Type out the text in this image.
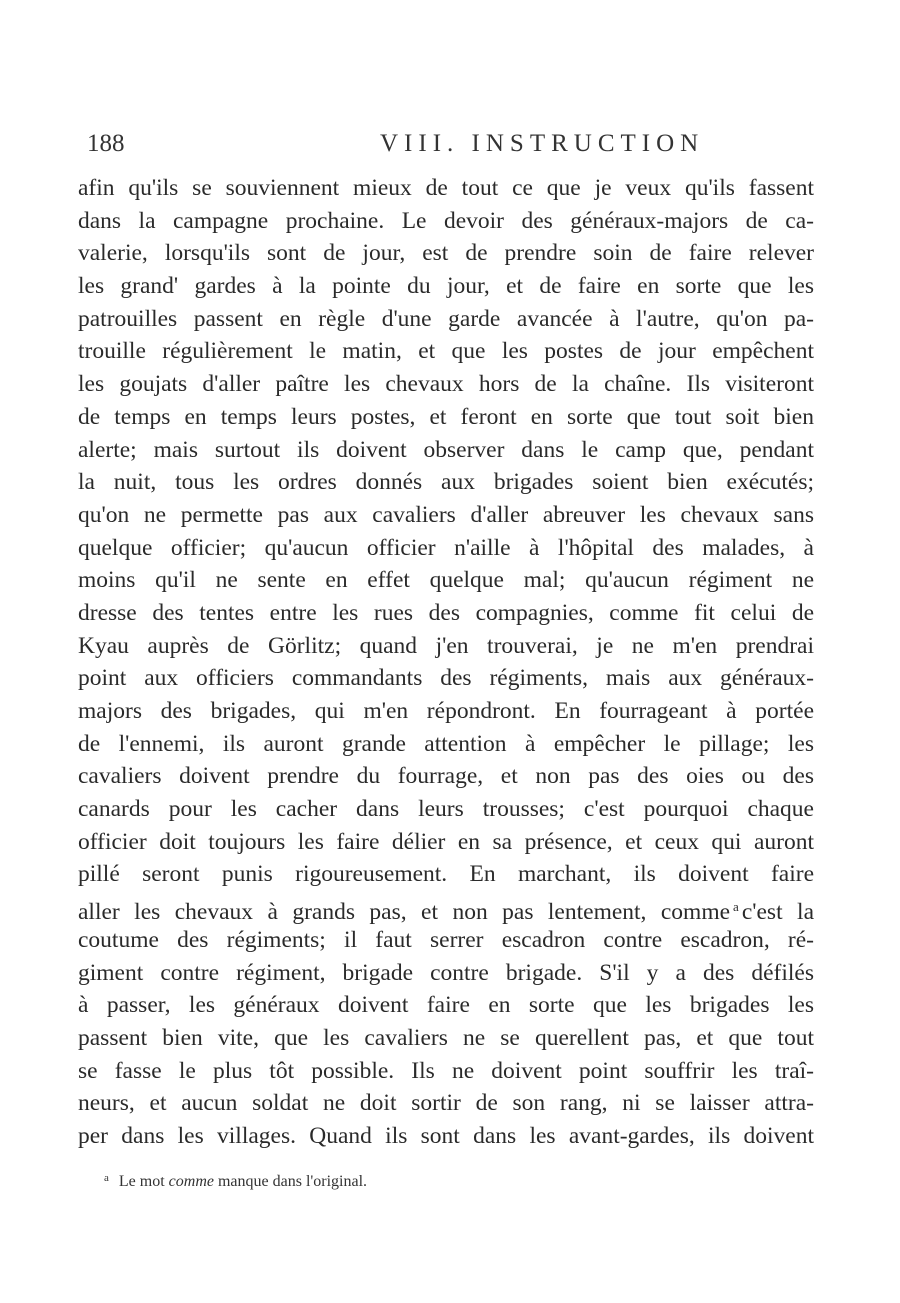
188	VIII. INSTRUCTION
afin qu'ils se souviennent mieux de tout ce que je veux qu'ils fassent
dans la campagne prochaine. Le devoir des généraux-majors de ca-
valerie, lorsqu'ils sont de jour, est de prendre soin de faire relever
les grand' gardes à la pointe du jour, et de faire en sorte que les
patrouilles passent en règle d'une garde avancée à l'autre, qu'on pa-
trouille régulièrement le matin, et que les postes de jour empêchent
les goujats d'aller paître les chevaux hors de la chaîne. Ils visiteront
de temps en temps leurs postes, et feront en sorte que tout soit bien
alerte; mais surtout ils doivent observer dans le camp que, pendant
la nuit, tous les ordres donnés aux brigades soient bien exécutés;
qu'on ne permette pas aux cavaliers d'aller abreuver les chevaux sans
quelque officier; qu'aucun officier n'aille à l'hôpital des malades, à
moins qu'il ne sente en effet quelque mal; qu'aucun régiment ne
dresse des tentes entre les rues des compagnies, comme fit celui de
Kyau auprès de Görlitz; quand j'en trouverai, je ne m'en prendrai
point aux officiers commandants des régiments, mais aux généraux-
majors des brigades, qui m'en répondront. En fourrageant à portée
de l'ennemi, ils auront grande attention à empêcher le pillage; les
cavaliers doivent prendre du fourrage, et non pas des oies ou des
canards pour les cacher dans leurs trousses; c'est pourquoi chaque
officier doit toujours les faire délier en sa présence, et ceux qui auront
pillé seront punis rigoureusement. En marchant, ils doivent faire
aller les chevaux à grands pas, et non pas lentement, comme $^a$ c'est la
coutume des régiments; il faut serrer escadron contre escadron, ré-
giment contre régiment, brigade contre brigade. S'il y a des défilés
à passer, les généraux doivent faire en sorte que les brigades les
passent bien vite, que les cavaliers ne se querellent pas, et que tout
se fasse le plus tôt possible. Ils ne doivent point souffrir les traî-
neurs, et aucun soldat ne doit sortir de son rang, ni se laisser attra-
per dans les villages. Quand ils sont dans les avant-gardes, ils doivent
$^a$ Le mot comme manque dans l'original.
